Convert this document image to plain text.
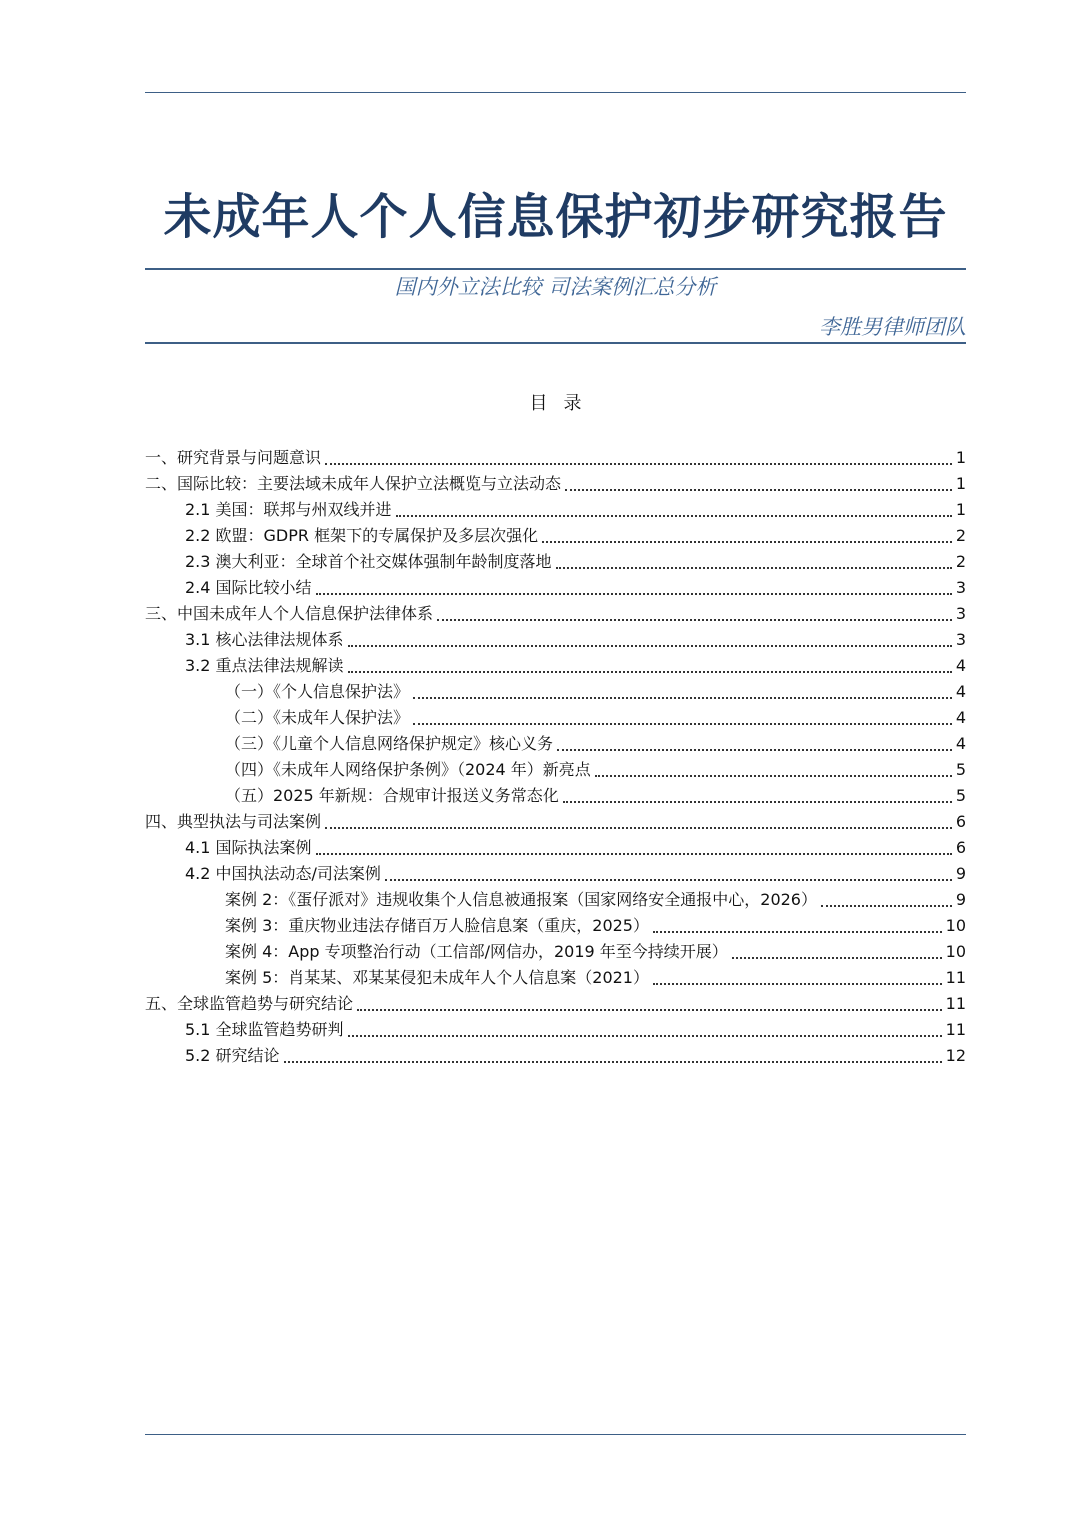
未成年人个人信息保护初步研究报告
国内外立法比较 司法案例汇总分析
李胜男律师团队
目录
一、研究背景与问题意识	1
二、国际比较：主要法域未成年人保护立法概览与立法动态	1
2.1 美国：联邦与州双线并进	1
2.2 欧盟：GDPR 框架下的专属保护及多层次强化	2
2.3 澳大利亚：全球首个社交媒体强制年龄制度落地	2
2.4 国际比较小结	3
三、中国未成年人个人信息保护法律体系	3
3.1 核心法律法规体系	3
3.2 重点法律法规解读	4
（一）《个人信息保护法》	4
（二）《未成年人保护法》	4
（三）《儿童个人信息网络保护规定》核心义务	4
（四）《未成年人网络保护条例》（2024 年）新亮点	5
（五）2025 年新规：合规审计报送义务常态化	5
四、典型执法与司法案例	6
4.1 国际执法案例	6
4.2 中国执法动态/司法案例	9
案例 2：《蛋仔派对》违规收集个人信息被通报案（国家网络安全通报中心，2026）	9
案例 3：重庆物业违法存储百万人脸信息案（重庆，2025）	10
案例 4：App 专项整治行动（工信部/网信办，2019 年至今持续开展）	10
案例 5：肖某某、邓某某侵犯未成年人个人信息案（2021）	11
五、全球监管趋势与研究结论	11
5.1 全球监管趋势研判	11
5.2 研究结论	12
